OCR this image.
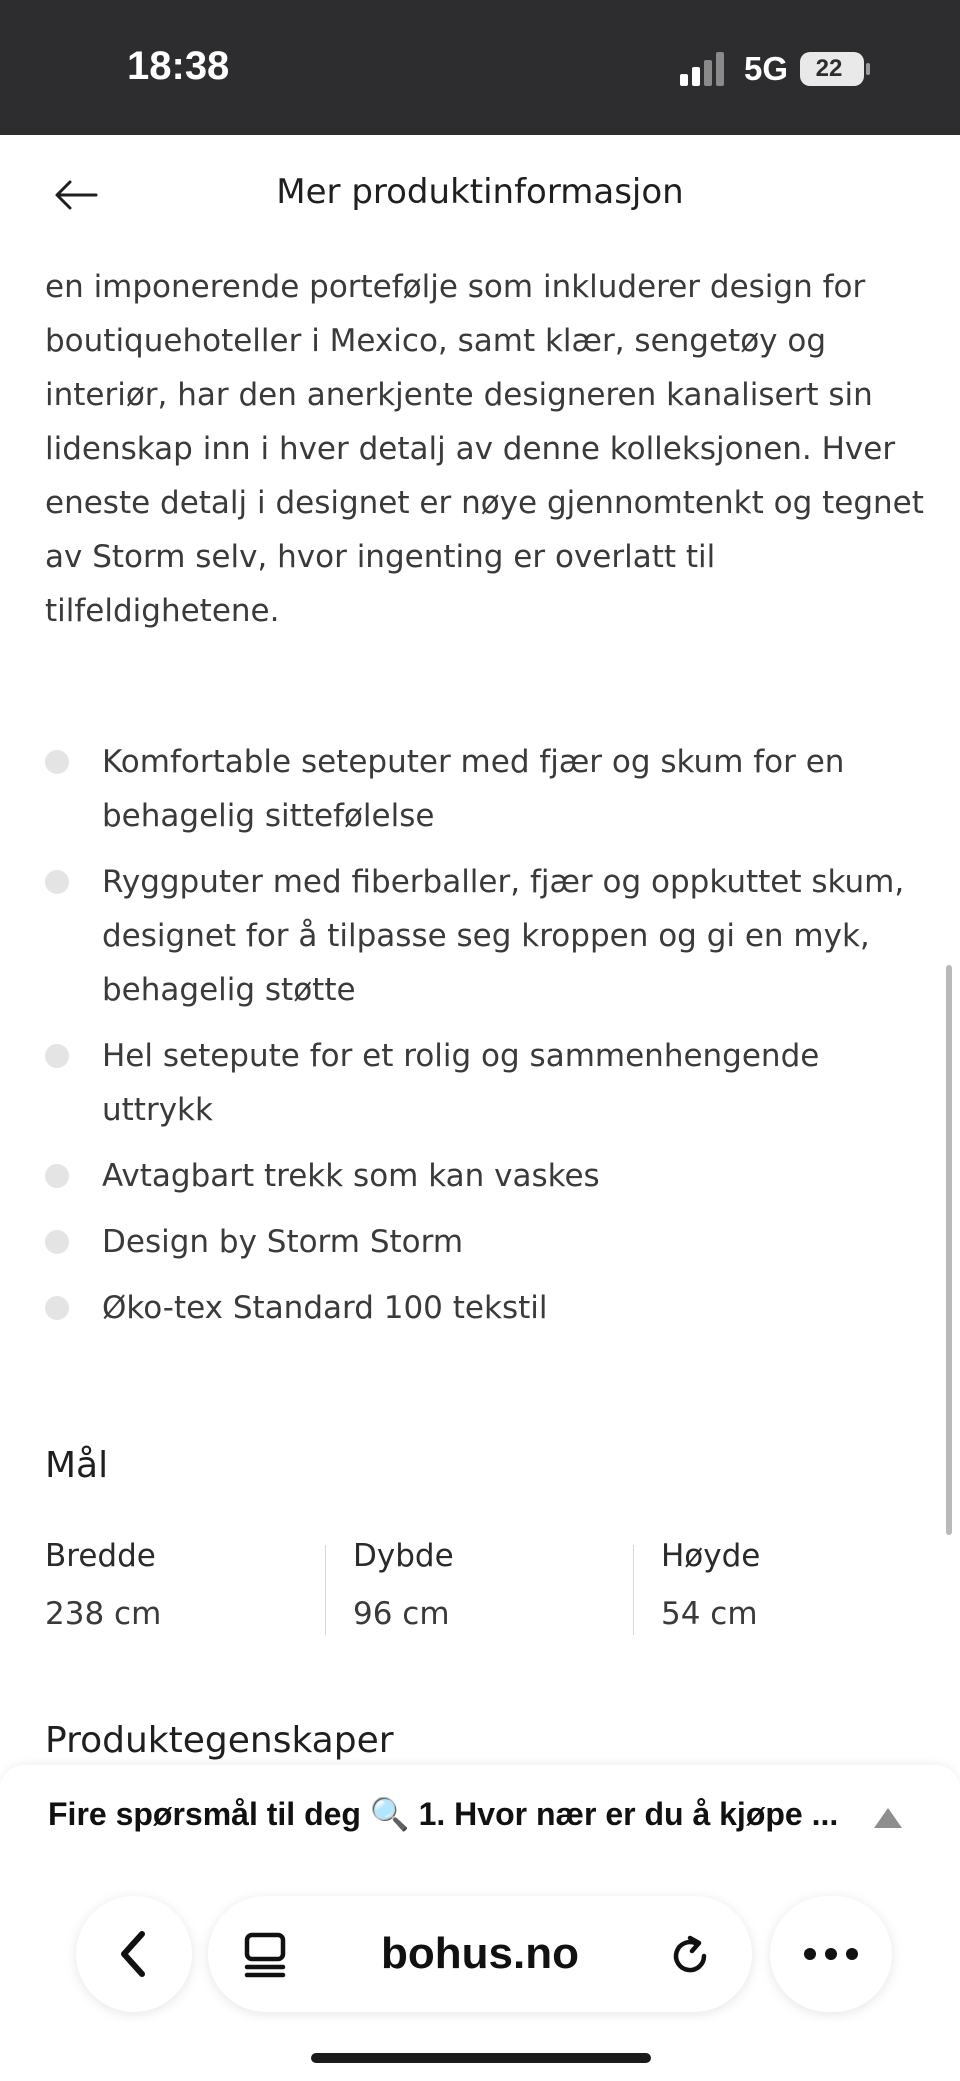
18:38	5G	22
Mer produktinformasjon

en imponerende portefølje som inkluderer design for boutiquehoteller i Mexico, samt klær, sengetøy og interiør, har den anerkjente designeren kanalisert sin lidenskap inn i hver detalj av denne kolleksjonen. Hver eneste detalj i designet er nøye gjennomtenkt og tegnet av Storm selv, hvor ingenting er overlatt til tilfeldighetene.

Komfortable seteputer med fjær og skum for en behagelig sittefølelse
Ryggputer med fiberballer, fjær og oppkuttet skum, designet for å tilpasse seg kroppen og gi en myk, behagelig støtte
Hel setepute for et rolig og sammenhengende uttrykk
Avtagbart trekk som kan vaskes
Design by Storm Storm
Øko-tex Standard 100 tekstil
Mål
Bredde
238 cm
Dybde
96 cm
Høyde
54 cm
Produktegenskaper
Fire spørsmål til deg 🔍 1. Hvor nær er du å kjøpe ...
bohus.no
